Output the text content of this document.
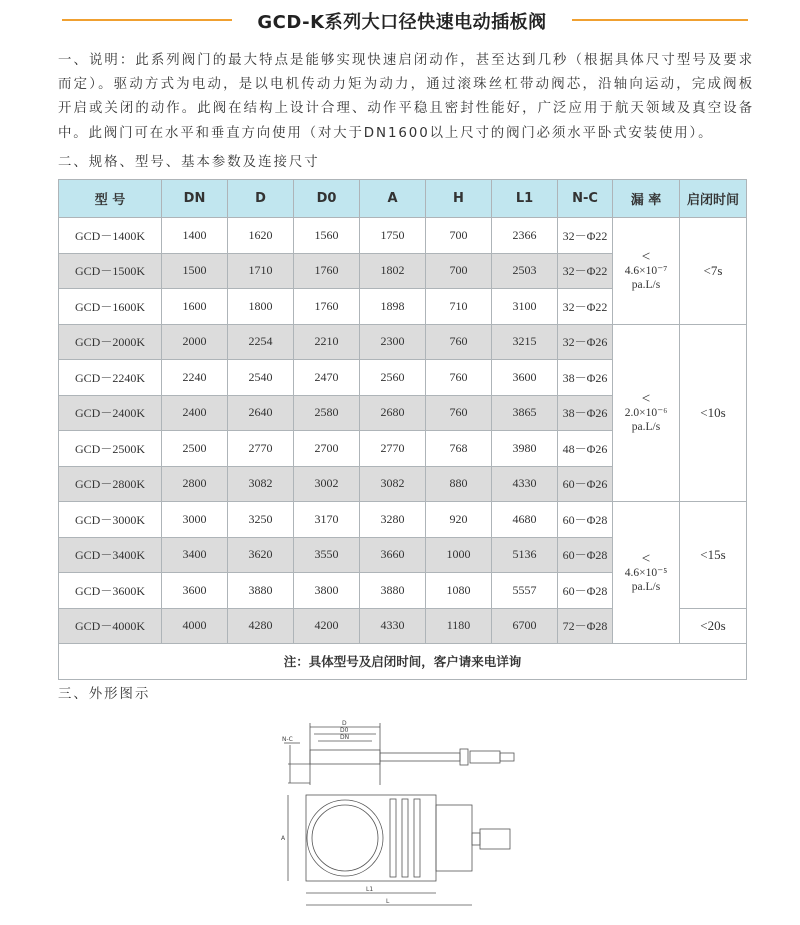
GCD-K系列大口径快速电动插板阀
一、说明：此系列阀门的最大特点是能够实现快速启闭动作，甚至达到几秒（根据具体尺寸型号及要求而定）。驱动方式为电动，是以电机传动力矩为动力，通过滚珠丝杠带动阀芯，沿轴向运动，完成阀板开启或关闭的动作。此阀在结构上设计合理、动作平稳且密封性能好，广泛应用于航天领域及真空设备中。此阀门可在水平和垂直方向使用（对大于DN1600以上尺寸的阀门必须水平卧式安装使用）。
二、规格、型号、基本参数及连接尺寸
型 号	DN	D	D0	A	H	L1	N-C	漏 率	启闭时间
GCD－1400K	1400	1620	1560	1750	700	2366	32－Φ22	<
4.6×10⁻⁷
pa.L/s	<7s
GCD－1500K	1500	1710	1760	1802	700	2503	32－Φ22		
GCD－1600K	1600	1800	1760	1898	710	3100	32－Φ22		
GCD－2000K	2000	2254	2210	2300	760	3215	32－Φ26	<
2.0×10⁻⁶
pa.L/s	<10s
GCD－2240K	2240	2540	2470	2560	760	3600	38－Φ26		
GCD－2400K	2400	2640	2580	2680	760	3865	38－Φ26		
GCD－2500K	2500	2770	2700	2770	768	3980	48－Φ26		
GCD－2800K	2800	3082	3002	3082	880	4330	60－Φ26		
GCD－3000K	3000	3250	3170	3280	920	4680	60－Φ28	<
4.6×10⁻⁵
pa.L/s	<15s
GCD－3400K	3400	3620	3550	3660	1000	5136	60－Φ28		
GCD－3600K	3600	3880	3800	3880	1080	5557	60－Φ28		
GCD－4000K	4000	4280	4200	4330	1180	6700	72－Φ28		<20s
注：具体型号及启闭时间，客户请来电详询									
三、外形图示
D
D0
DN
N-C
A
L1
L
